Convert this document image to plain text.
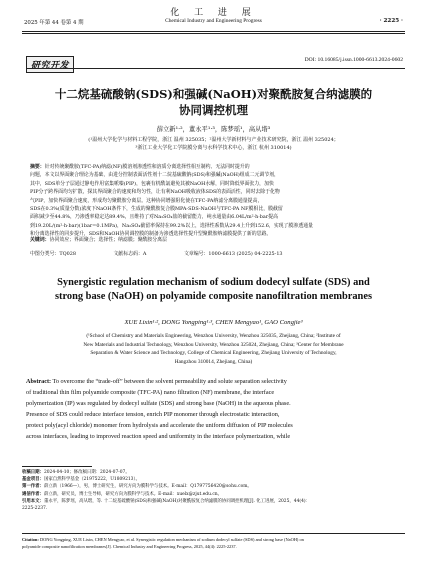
化 工 进 展
2025 年第 44 卷第 4 期	Chemical Industry and Engineering Progress	· 2225 ·
研究开发
DOI: 10.16085/j.issn.1000-6613.2024-0602
十二烷基硫酸钠(SDS)和强碱(NaOH)对聚酰胺复合纳滤膜的
协同调控机理
薛立新¹·²，董永平¹·³，陈梦瑶¹，高从堦³
(¹温州大学化学与材料工程学院，浙江 温州 325035；²温州大学新材料与产业技术研究院，浙江 温州 325024；
³浙江工业大学化工学院膜分离与水科学技术中心，浙江 杭州 310014)
摘要：针对传统聚酰胺(TFC-PA)纳滤(NF)膜溶剂渗透性和溶质分离选择性相互制约、无法同时提升的
问题，本文以界面聚合理论为基础，由进分控制表面活性剂十二烷基硫酸钠(SDS)和强碱(NaOH)组成二元调节剂，
其中，SDS单分子层通过静电作用富集哌嗪(PIP)，包裹有机酰氯避免其被NaOH水解，同时降低界面张力，加快
PIP分子跨界面均匀扩散，探其界面聚合的速度和均匀性，让有利NaOH吸收液体SDS的表面活性，同时去除于化物
气PIP，加快界面聚合速度，形成均匀聚酰胺分离层。这种协同增强阻化使在TFC-PA纳滤分离膜通量提高，
SDS在0.3%(质量分数)浓度下NaOH条件下，生成的聚酰胺复合膜MPA-SDS-NaOH与TFC-PA NF膜相比，膜截留
面积减少至44.8%，乃渗透率稳定达89.4%，且维持了对Na₂SO₄盐的截留能力，纯水通量由6.04L/m²·h·bar提高
到19.20L/(m²·h·bar)(1bar=0.1MPa)，Na₂SO₄截留率保持在99.2%以上，选择性系数从29.4上升到152.6，实现了膜渗透通量
和分离选择性的同步提升，SDS和NaOH协同调控膜的制备为渗透选择性提升型聚酰胺纳滤膜提供了新的思路。
关键词：协同效应；界面聚合；选择性；纳滤膜；聚酰胺分离层
中图分类号：TQ028	文献标志码：A	文章编号：1000-6613 (2025) 04-2225-13
Synergistic regulation mechanism of sodium dodecyl sulfate (SDS) and
strong base (NaOH) on polyamide composite nanofiltration membranes
XUE Lixin¹·², DONG Yongping¹·³, CHEN Mengyao¹, GAO Congjie³
(¹School of Chemistry and Materials Engineering, Wenzhou University, Wenzhou 325035, Zhejiang, China; ²Institute of
New Materials and Industrial Technology, Wenzhou University, Wenzhou 325024, Zhejiang, China; ³Center for Membrane
Separation & Water Science and Technology, College of Chemical Engineering, Zhejiang University of Technology,
Hangzhou 310014, Zhejiang, China)
Abstract: To overcome the “trade-off” between the solvent permeability and solute separation selectivity
of traditional thin film polyamide composite (TFC-PA) nano filtration (NF) membrane, the interface
polymerization (IP) was regulated by dodecyl sulfate (SDS) and strong base (NaOH) in the aqueous phase.
Presence of SDS could reduce interface tension, enrich PIP monomer through electrostatic interaction,
protect poly(acyl chloride) monomer from hydrolysis and accelerate the uniform diffusion of PIP molecules
across interfaces, leading to improved reaction speed and uniformity in the interface polymerization, while
收稿日期：2024-04-10；修改稿日期：2024-07-07。
基金项目：国家自然科学基金（21975222，U1809213）。
第一作者：薛立新（1966—），男，博士研究生，研究方向为膜科学与技术。E-mail：Q1797756420@sohu.com。
通信作者：薛立新，研究员，博士生导师，研究方向为膜科学与技术。E-mail：xuelx@zjut.edu.cn。
引用本文：董永平，陈梦瑶，高从堦，等. 十二烷基硫酸钠(SDS)和强碱(NaOH)对聚酰胺复合纳滤膜的协同调控机理[J]. 化工进展，2025，44(4)：
2225-2237.
Citation: DONG Yongping, XUE Lixin, CHEN Mengyao, et al. Synergistic regulation mechanism of sodium dodecyl sulfate (SDS) and strong base (NaOH) on
polyamide composite nanofiltration membranes[J]. Chemical Industry and Engineering Progress, 2025, 44(4): 2225-2237.
